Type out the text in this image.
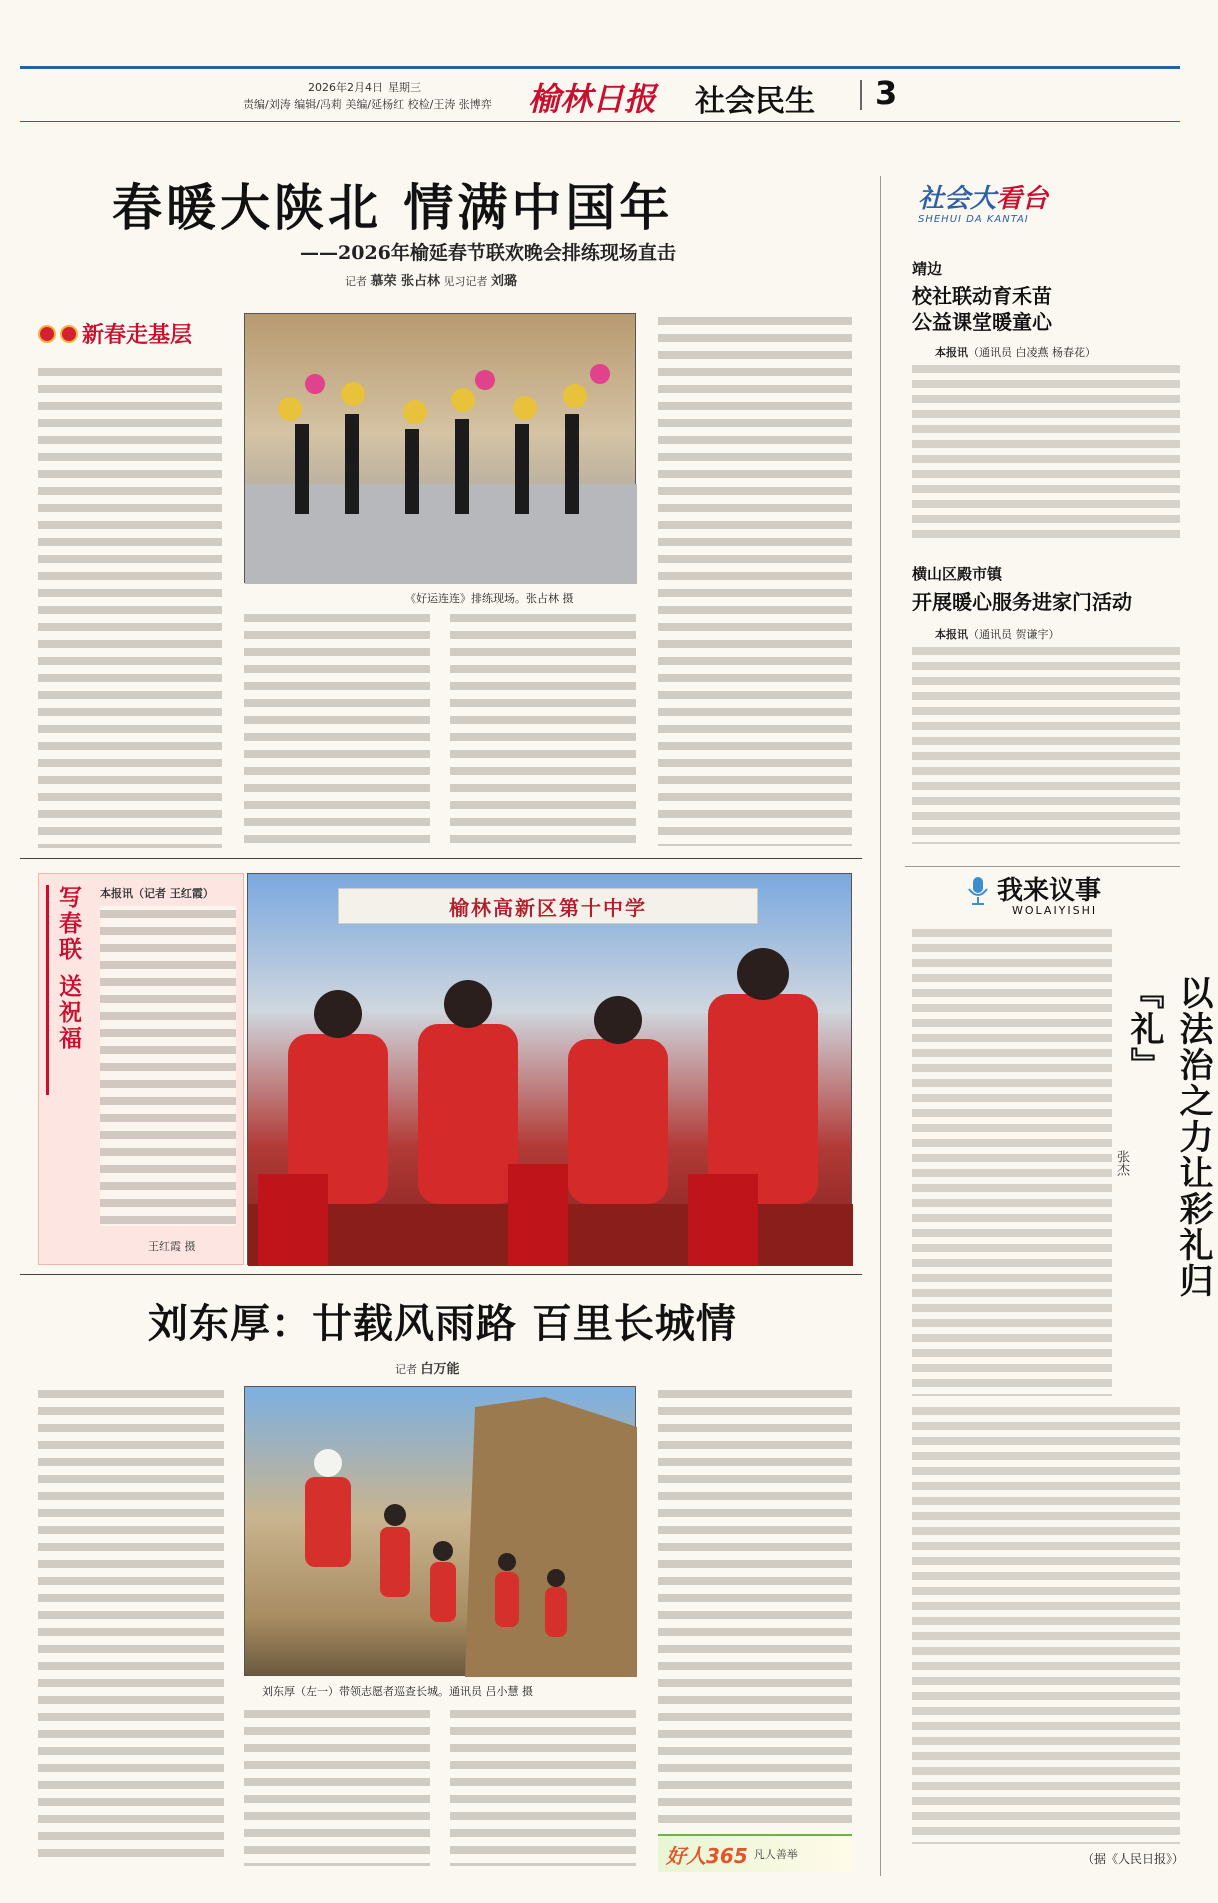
2026年2月4日 星期三
责编/刘涛 编辑/冯莉 美编/延杨红 校检/王涛 张博弈 榆林日报 社会民生 3
春暖大陕北 情满中国年
——2026年榆延春节联欢晚会排练现场直击
记者 慕荣 张占林 见习记者 刘璐
新春走基层
《好运连连》排练现场。张占林 摄
写春联 送祝福	本报讯（记者 王红霞）
王红霞 摄
榆林高新区第十中学
刘东厚：廿载风雨路 百里长城情
记者 白万能
刘东厚（左一）带领志愿者巡查长城。通讯员 吕小慧 摄
好人365 凡人善举
社会大看台
SHEHUI DA KANTAI
靖边
校社联动育禾苗
公益课堂暖童心
本报讯（通讯员 白凌燕 杨春花）
横山区殿市镇
开展暖心服务进家门活动
本报讯（通讯员 贺谦宇）
我来议事
WOLAIYISHI
以法治之力让彩礼归『礼』
张杰
（据《人民日报》）
